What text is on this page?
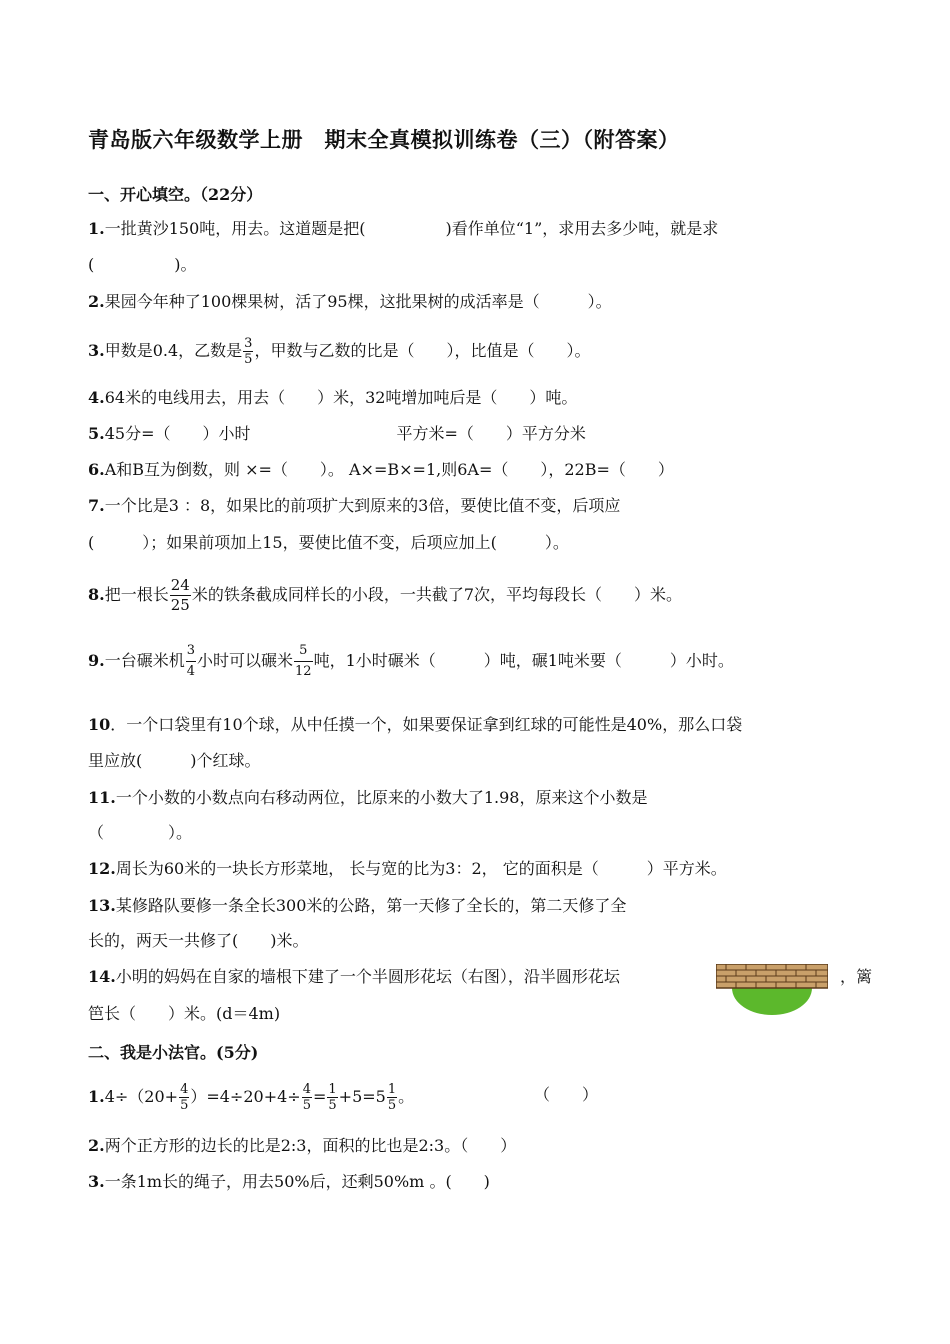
青岛版六年级数学上册　期末全真模拟训练卷（三）（附答案）
一、开心填空。（22分）
1.一批黄沙150吨，用去。这道题是把(　　　　　)看作单位“1”，求用去多少吨，就是求
(　　　　　)。
2.果园今年种了100棵果树，活了95棵，这批果树的成活率是（　　　）。
3.甲数是0.4，乙数是 $\frac{3}{5}$ ，甲数与乙数的比是（　　），比值是（　　）。
4.64米的电线用去，用去（　　）米，32吨增加吨后是（　　）吨。
5.45分=（　　）小时	平方米=（　　）平方分米
6.A和B互为倒数，则 ×=（　　）。 A×=B×=1,则6A=（　　），22B=（　　）
7.一个比是3 ：8，如果比的前项扩大到原来的3倍，要使比值不变，后项应
(　　　）；如果前项加上15，要使比值不变，后项应加上(　　　）。
8.把一根长 $\frac{24}{25}$ 米的铁条截成同样长的小段，一共截了7次，平均每段长（　　）米。
9.一台碾米机 $\frac{3}{4}$ 小时可以碾米 $\frac{5}{12}$ 吨，1小时碾米（　　　）吨，碾1吨米要（　　　）小时。
10．一个口袋里有10个球，从中任摸一个，如果要保证拿到红球的可能性是40%，那么口袋
里应放(　　　)个红球。
11.一个小数的小数点向右移动两位，比原来的小数大了1.98，原来这个小数是
（　　　　）。
12.周长为60米的一块长方形菜地， 长与宽的比为3：2， 它的面积是（　　　）平方米。
13.某修路队要修一条全长300米的公路，第一天修了全长的，第二天修了全
长的，两天一共修了(　　)米。
14.小明的妈妈在自家的墙根下建了一个半圆形花坛（右图），沿半圆形花坛	，篱
笆长（　　）米。(d＝4m)
二、我是小法官。(5分)
$1.4\div(20+ \frac{4}{5} )=4\div 20+4\div \frac{4}{5} = \frac{1}{5} +5=5 \frac{1}{5}$ 。	（　　）
2.两个正方形的边长的比是2:3，面积的比也是2:3。（　　）
3.一条1m长的绳子，用去50%后，还剩50%m 。(　　)
